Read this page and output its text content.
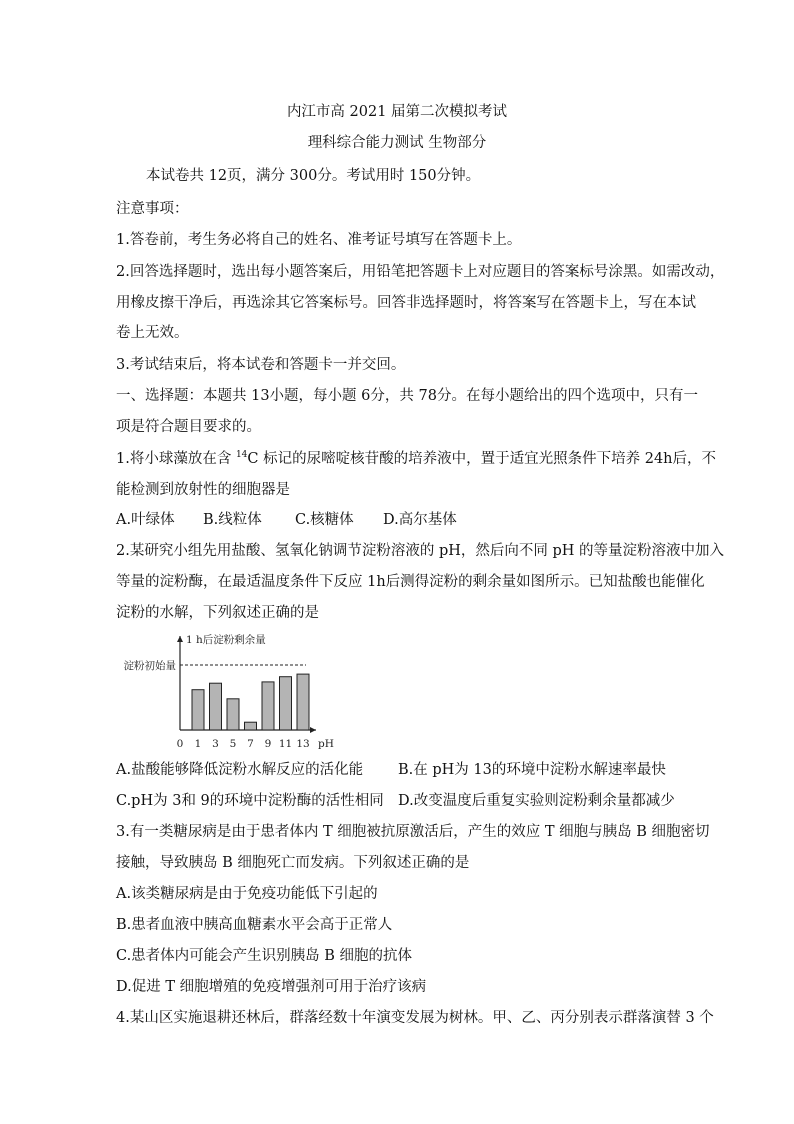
内江市高 2021 届第二次模拟考试
理科综合能力测试 生物部分
本试卷共 12页，满分 300分。考试用时 150分钟。
注意事项：
1.答卷前，考生务必将自己的姓名、准考证号填写在答题卡上。
2.回答选择题时，选出每小题答案后，用铅笔把答题卡上对应题目的答案标号涂黑。如需改动，
用橡皮擦干净后，再选涂其它答案标号。回答非选择题时，将答案写在答题卡上，写在本试
卷上无效。
3.考试结束后，将本试卷和答题卡一并交回。
一、选择题：本题共 13小题，每小题 6分，共 78分。在每小题给出的四个选项中，只有一
项是符合题目要求的。
1.将小球藻放在含 $^{14}$C 标记的尿嘧啶核苷酸的培养液中，置于适宜光照条件下培养 24h后，不
能检测到放射性的细胞器是
A.叶绿体 B.线粒体 C.核糖体 D.高尔基体
2.某研究小组先用盐酸、氢氧化钠调节淀粉溶液的 pH，然后向不同 pH 的等量淀粉溶液中加入
等量的淀粉酶，在最适温度条件下反应 1h后测得淀粉的剩余量如图所示。已知盐酸也能催化
淀粉的水解，下列叙述正确的是
淀粉初始量
1 h后淀粉剩余量
pH
0 1 3 5 7 9 11 13
A.盐酸能够降低淀粉水解反应的活化能 B.在 pH为 13的环境中淀粉水解速率最快
C.pH为 3和 9的环境中淀粉酶的活性相同 D.改变温度后重复实验则淀粉剩余量都减少
3.有一类糖尿病是由于患者体内 T 细胞被抗原激活后，产生的效应 T 细胞与胰岛 B 细胞密切
接触，导致胰岛 B 细胞死亡而发病。下列叙述正确的是
A.该类糖尿病是由于免疫功能低下引起的
B.患者血液中胰高血糖素水平会高于正常人
C.患者体内可能会产生识别胰岛 B 细胞的抗体
D.促进 T 细胞增殖的免疫增强剂可用于治疗该病
4.某山区实施退耕还林后，群落经数十年演变发展为树林。甲、乙、丙分别表示群落演替 3 个
